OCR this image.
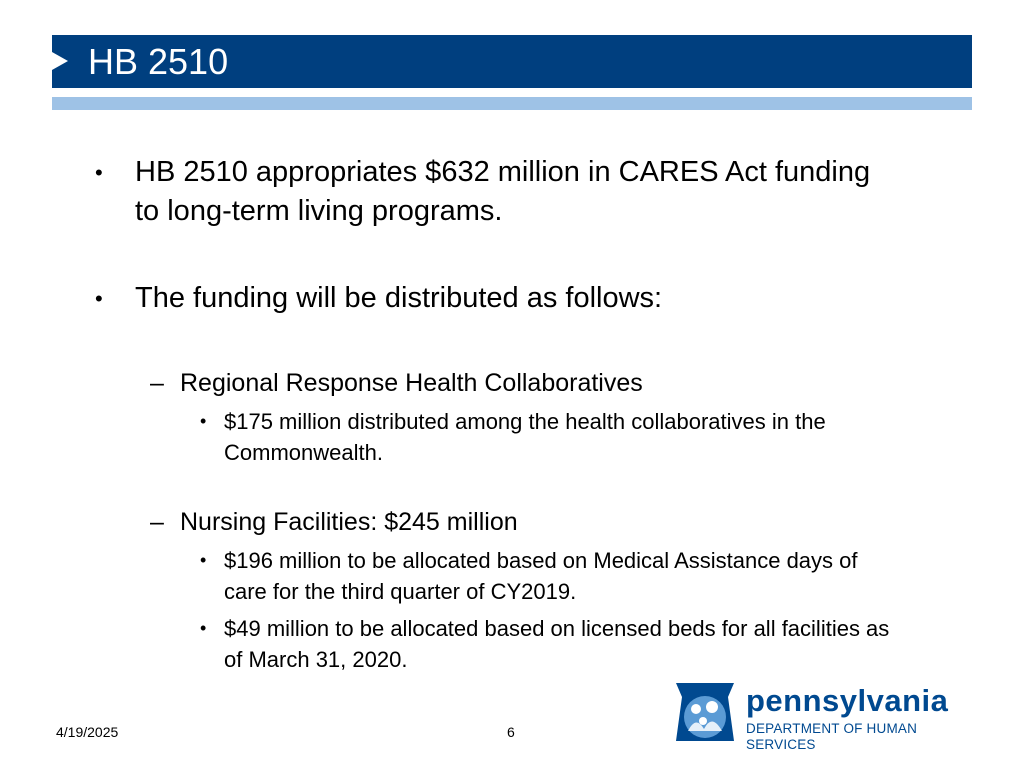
HB 2510
• HB 2510 appropriates $632 million in CARES Act funding to long-term living programs.
• The funding will be distributed as follows:
– Regional Response Health Collaboratives
• $175 million distributed among the health collaboratives in the Commonwealth.
– Nursing Facilities: $245 million
• $196 million to be allocated based on Medical Assistance days of care for the third quarter of CY2019.
• $49 million to be allocated based on licensed beds for all facilities as of March 31, 2020.
4/19/2025	6
pennsylvania
DEPARTMENT OF HUMAN SERVICES
